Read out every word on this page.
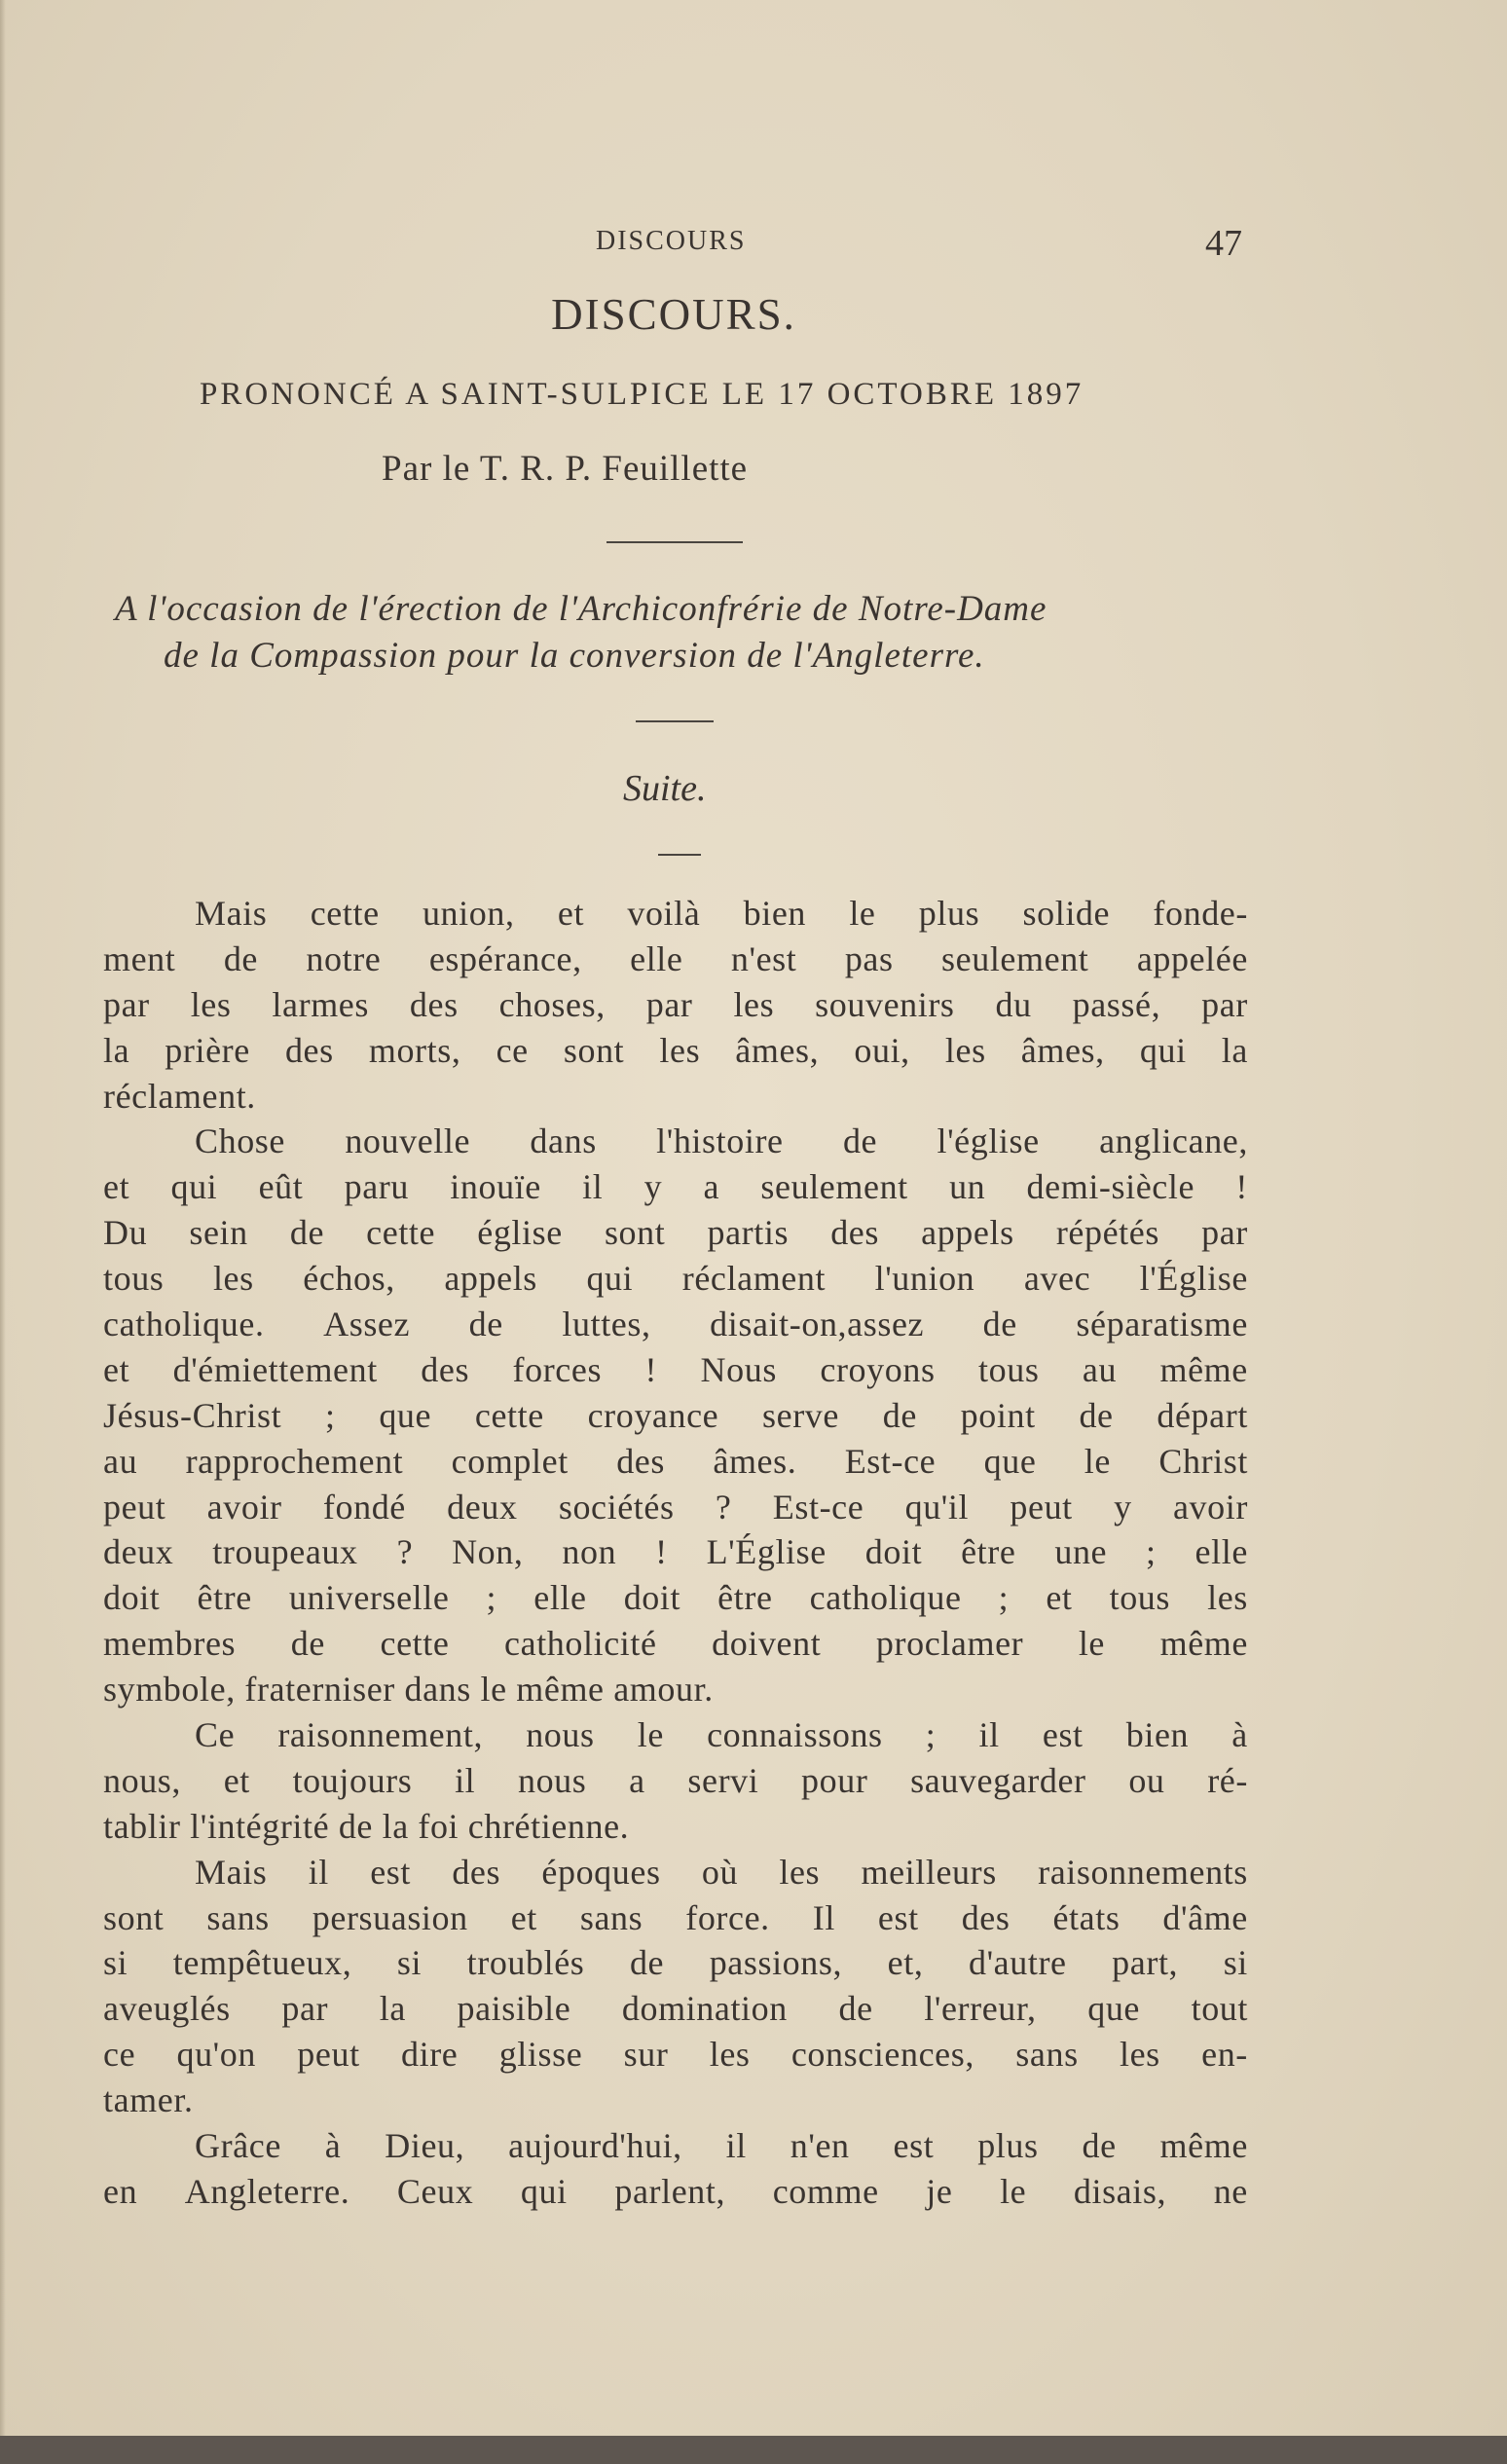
DISCOURS	47
DISCOURS.
PRONONCÉ A SAINT-SULPICE LE 17 OCTOBRE 1897
Par le T. R. P. Feuillette
A l'occasion de l'érection de l'Archiconfrérie de Notre-Dame
de la Compassion pour la conversion de l'Angleterre.
Suite.
Mais cette union, et voilà bien le plus solide fonde-
ment de notre espérance, elle n'est pas seulement appelée
par les larmes des choses, par les souvenirs du passé, par
la prière des morts, ce sont les âmes, oui, les âmes, qui la
réclament.
Chose nouvelle dans l'histoire de l'église anglicane,
et qui eût paru inouïe il y a seulement un demi-siècle !
Du sein de cette église sont partis des appels répétés par
tous les échos, appels qui réclament l'union avec l'Église
catholique. Assez de luttes, disait-on,assez de séparatisme
et d'émiettement des forces ! Nous croyons tous au même
Jésus-Christ ; que cette croyance serve de point de départ
au rapprochement complet des âmes. Est-ce que le Christ
peut avoir fondé deux sociétés ? Est-ce qu'il peut y avoir
deux troupeaux ? Non, non ! L'Église doit être une ; elle
doit être universelle ; elle doit être catholique ; et tous les
membres de cette catholicité doivent proclamer le même
symbole, fraterniser dans le même amour.
Ce raisonnement, nous le connaissons ; il est bien à
nous, et toujours il nous a servi pour sauvegarder ou ré-
tablir l'intégrité de la foi chrétienne.
Mais il est des époques où les meilleurs raisonnements
sont sans persuasion et sans force. Il est des états d'âme
si tempêtueux, si troublés de passions, et, d'autre part, si
aveuglés par la paisible domination de l'erreur, que tout
ce qu'on peut dire glisse sur les consciences, sans les en-
tamer.
Grâce à Dieu, aujourd'hui, il n'en est plus de même
en Angleterre. Ceux qui parlent, comme je le disais, ne
